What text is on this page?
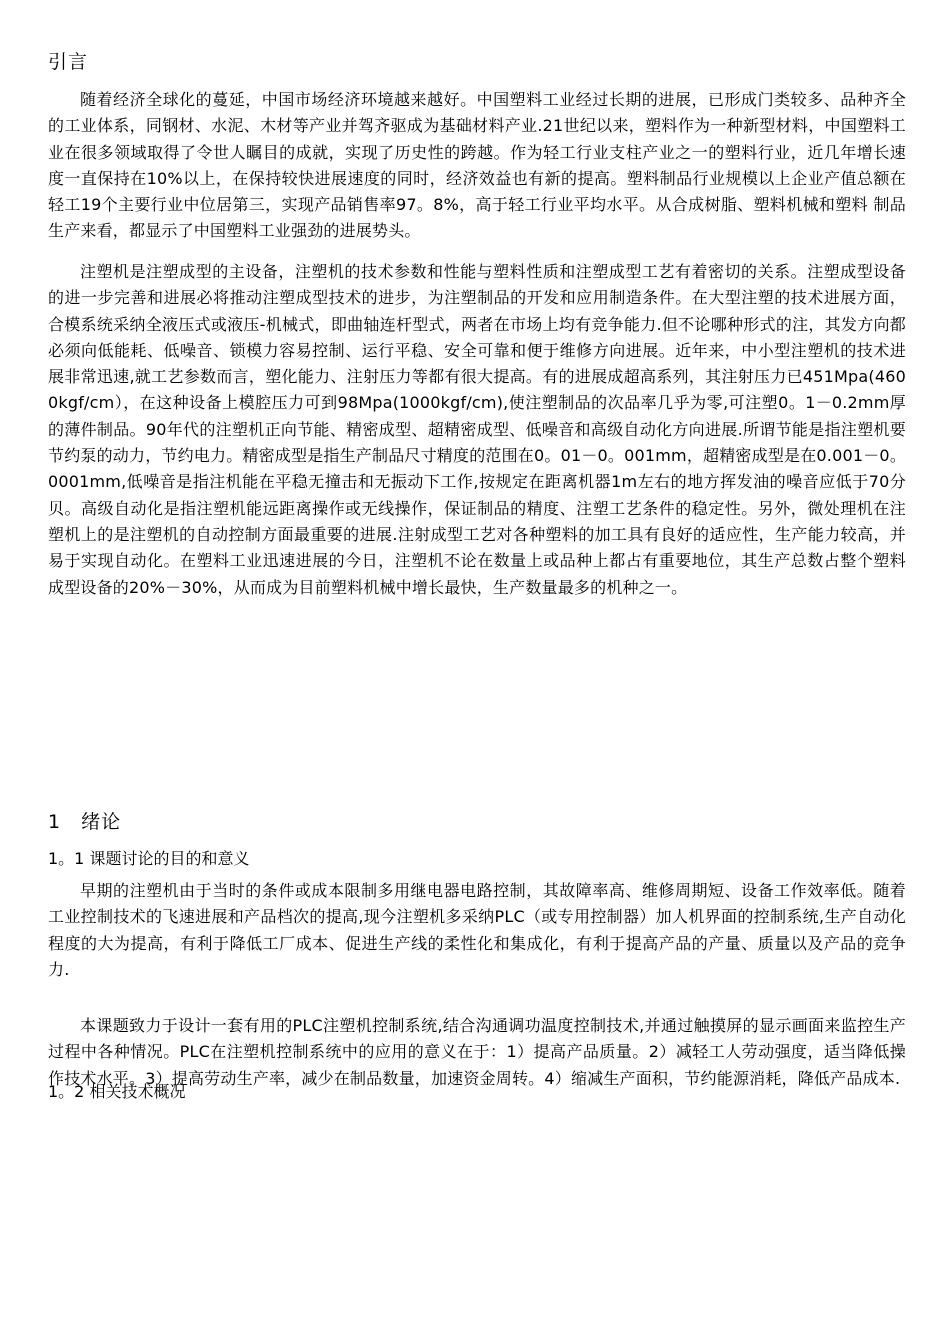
引言

随着经济全球化的蔓延，中国市场经济环境越来越好。中国塑料工业经过长期的进展，已形成门类较多、品种齐全的工业体系，同钢材、水泥、木材等产业并驾齐驱成为基础材料产业.21世纪以来，塑料作为一种新型材料，中国塑料工业在很多领域取得了令世人瞩目的成就，实现了历史性的跨越。作为轻工行业支柱产业之一的塑料行业，近几年增长速度一直保持在10%以上，在保持较快进展速度的同时，经济效益也有新的提高。塑料制品行业规模以上企业产值总额在轻工19个主要行业中位居第三，实现产品销售率97。8%，高于轻工行业平均水平。从合成树脂、塑料机械和塑料 制品生产来看，都显示了中国塑料工业强劲的进展势头。

注塑机是注塑成型的主设备，注塑机的技术参数和性能与塑料性质和注塑成型工艺有着密切的关系。注塑成型设备的进一步完善和进展必将推动注塑成型技术的进步，为注塑制品的开发和应用制造条件。在大型注塑的技术进展方面，合模系统采纳全液压式或液压-机械式，即曲轴连杆型式，两者在市场上均有竞争能力.但不论哪种形式的注，其发方向都必须向低能耗、低噪音、锁模力容易控制、运行平稳、安全可靠和便于维修方向进展。近年来，中小型注塑机的技术进展非常迅速,就工艺参数而言，塑化能力、注射压力等都有很大提高。有的进展成超高系列，其注射压力已451Mpa(4600kgf/cm），在这种设备上模腔压力可到98Mpa(1000kgf/cm),使注塑制品的次品率几乎为零,可注塑0。1－0.2mm厚的薄件制品。90年代的注塑机正向节能、精密成型、超精密成型、低噪音和高级自动化方向进展.所谓节能是指注塑机要节约泵的动力，节约电力。精密成型是指生产制品尺寸精度的范围在0。01－0。001mm，超精密成型是在0.001－0。0001mm,低噪音是指注机能在平稳无撞击和无振动下工作,按规定在距离机器1m左右的地方挥发油的噪音应低于70分贝。高级自动化是指注塑机能远距离操作或无线操作，保证制品的精度、注塑工艺条件的稳定性。另外，微处理机在注塑机上的是注塑机的自动控制方面最重要的进展.注射成型工艺对各种塑料的加工具有良好的适应性，生产能力较高，并易于实现自动化。在塑料工业迅速进展的今日，注塑机不论在数量上或品种上都占有重要地位，其生产总数占整个塑料成型设备的20%－30%，从而成为目前塑料机械中增长最快，生产数量最多的机种之一。

1　绪论
1。1 课题讨论的目的和意义

早期的注塑机由于当时的条件或成本限制多用继电器电路控制，其故障率高、维修周期短、设备工作效率低。随着工业控制技术的飞速进展和产品档次的提高,现今注塑机多采纳PLC（或专用控制器）加人机界面的控制系统,生产自动化程度的大为提高，有利于降低工厂成本、促进生产线的柔性化和集成化，有利于提高产品的产量、质量以及产品的竞争力.

本课题致力于设计一套有用的PLC注塑机控制系统,结合沟通调功温度控制技术,并通过触摸屏的显示画面来监控生产过程中各种情况。PLC在注塑机控制系统中的应用的意义在于：1）提高产品质量。2）减轻工人劳动强度，适当降低操作技术水平。3）提高劳动生产率，减少在制品数量，加速资金周转。4）缩减生产面积，节约能源消耗，降低产品成本.

1。2 相关技术概况
